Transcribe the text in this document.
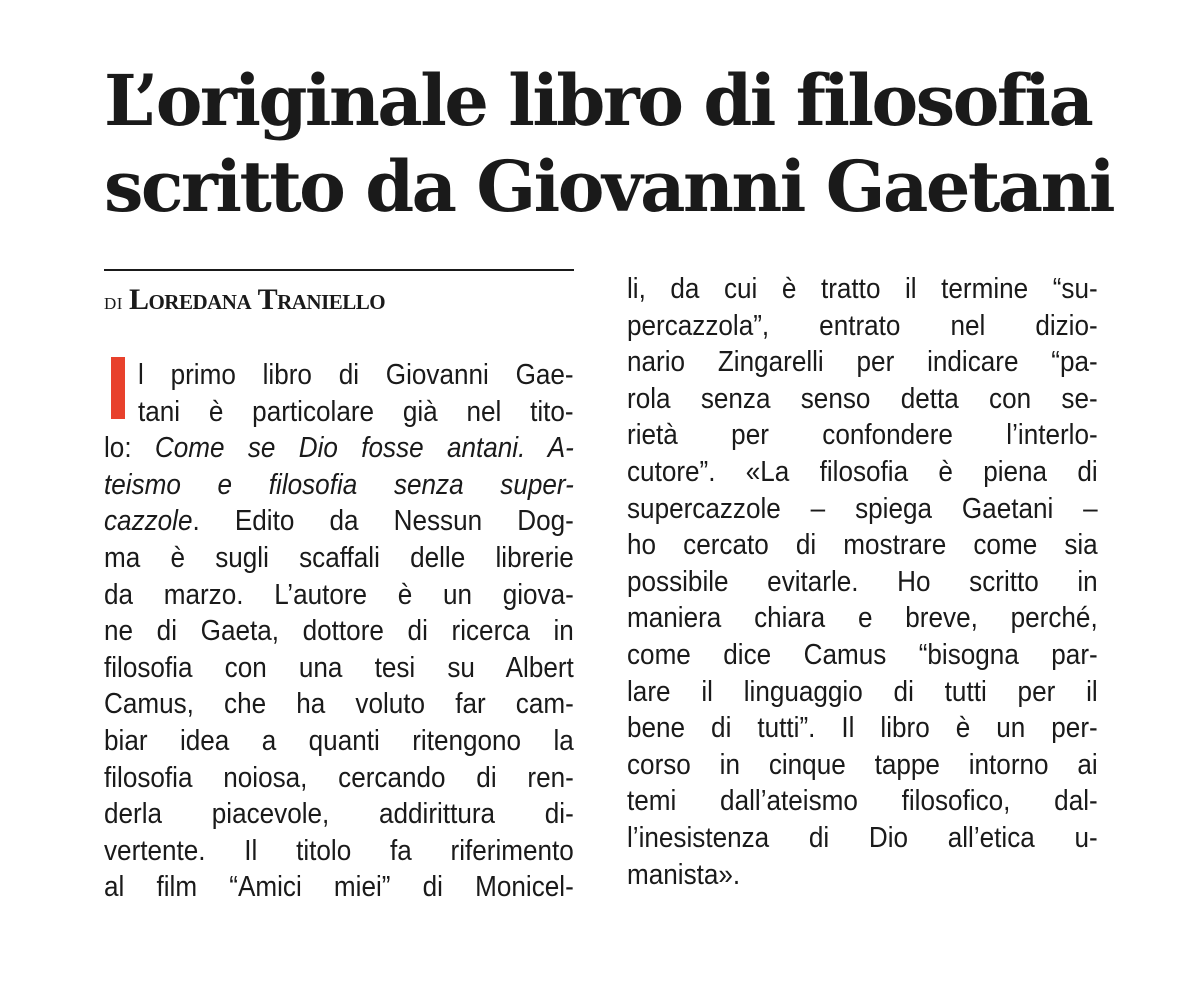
L’originale libro di filosofia
scritto da Giovanni Gaetani
di Loredana Traniello
l primo libro di Giovanni Gae-
tani è particolare già nel tito-
lo: Come se Dio fosse antani. A-
teismo e filosofia senza super-
cazzole. Edito da Nessun Dog-
ma è sugli scaffali delle librerie
da marzo. L’autore è un giova-
ne di Gaeta, dottore di ricerca in
filosofia con una tesi su Albert
Camus, che ha voluto far cam-
biar idea a quanti ritengono la
filosofia noiosa, cercando di ren-
derla piacevole, addirittura di-
vertente. Il titolo fa riferimento
al film “Amici miei” di Monicel-
li, da cui è tratto il termine “su-
percazzola”, entrato nel dizio-
nario Zingarelli per indicare “pa-
rola senza senso detta con se-
rietà per confondere l’interlo-
cutore”. «La filosofia è piena di
supercazzole – spiega Gaetani –
ho cercato di mostrare come sia
possibile evitarle. Ho scritto in
maniera chiara e breve, perché,
come dice Camus “bisogna par-
lare il linguaggio di tutti per il
bene di tutti”. Il libro è un per-
corso in cinque tappe intorno ai
temi dall’ateismo filosofico, dal-
l’inesistenza di Dio all’etica u-
manista».
